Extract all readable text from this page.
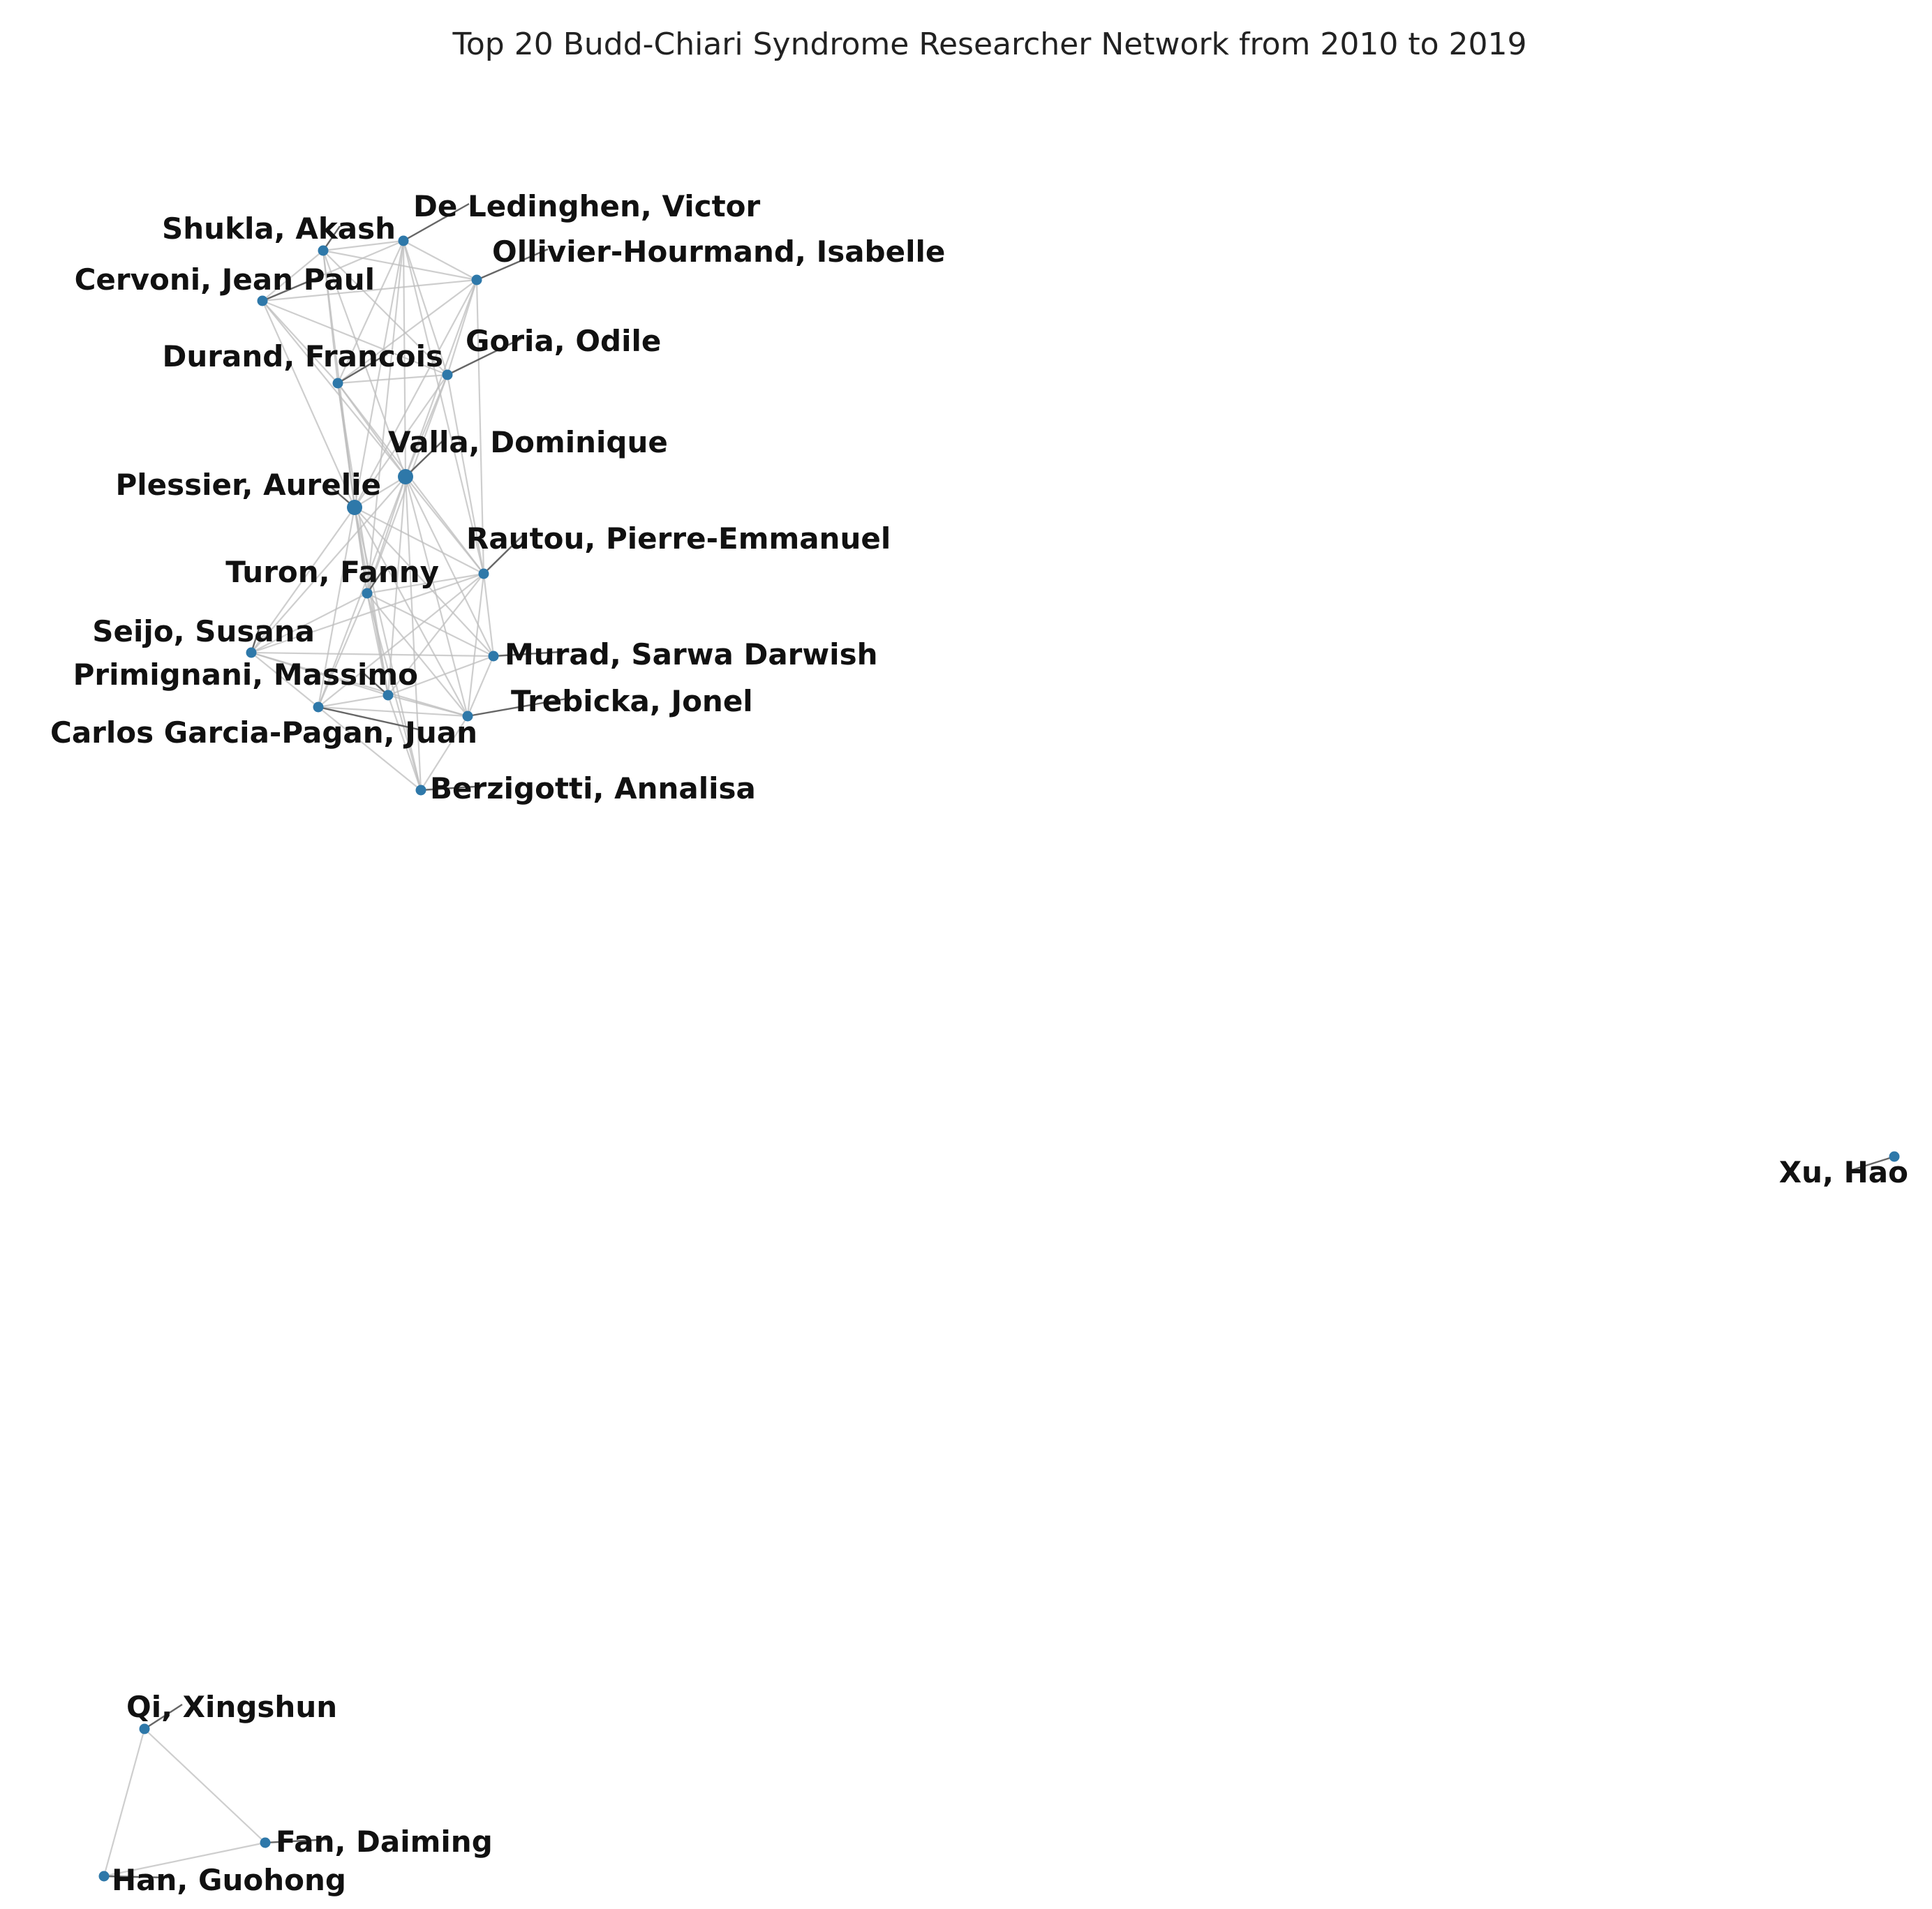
Top 20 Budd-Chiari Syndrome Researcher Network from 2010 to 2019
De Ledinghen, Victor
Shukla, Akash
Ollivier-Hourmand, Isabelle
Cervoni, Jean Paul
Durand, Francois Goria, Odile
Valla, Dominique
Plessier, Aurelie
Rautou, Pierre-Emmanuel
Turon, Fanny
Seijo, Susana
Murad, Sarwa Darwish
Primignani, Massimo
Trebicka, Jonel
Carlos Garcia-Pagan, Juan
Berzigotti, Annalisa
Xu, Hao
Qi, Xingshun
Fan, Daiming
Han, Guohong
